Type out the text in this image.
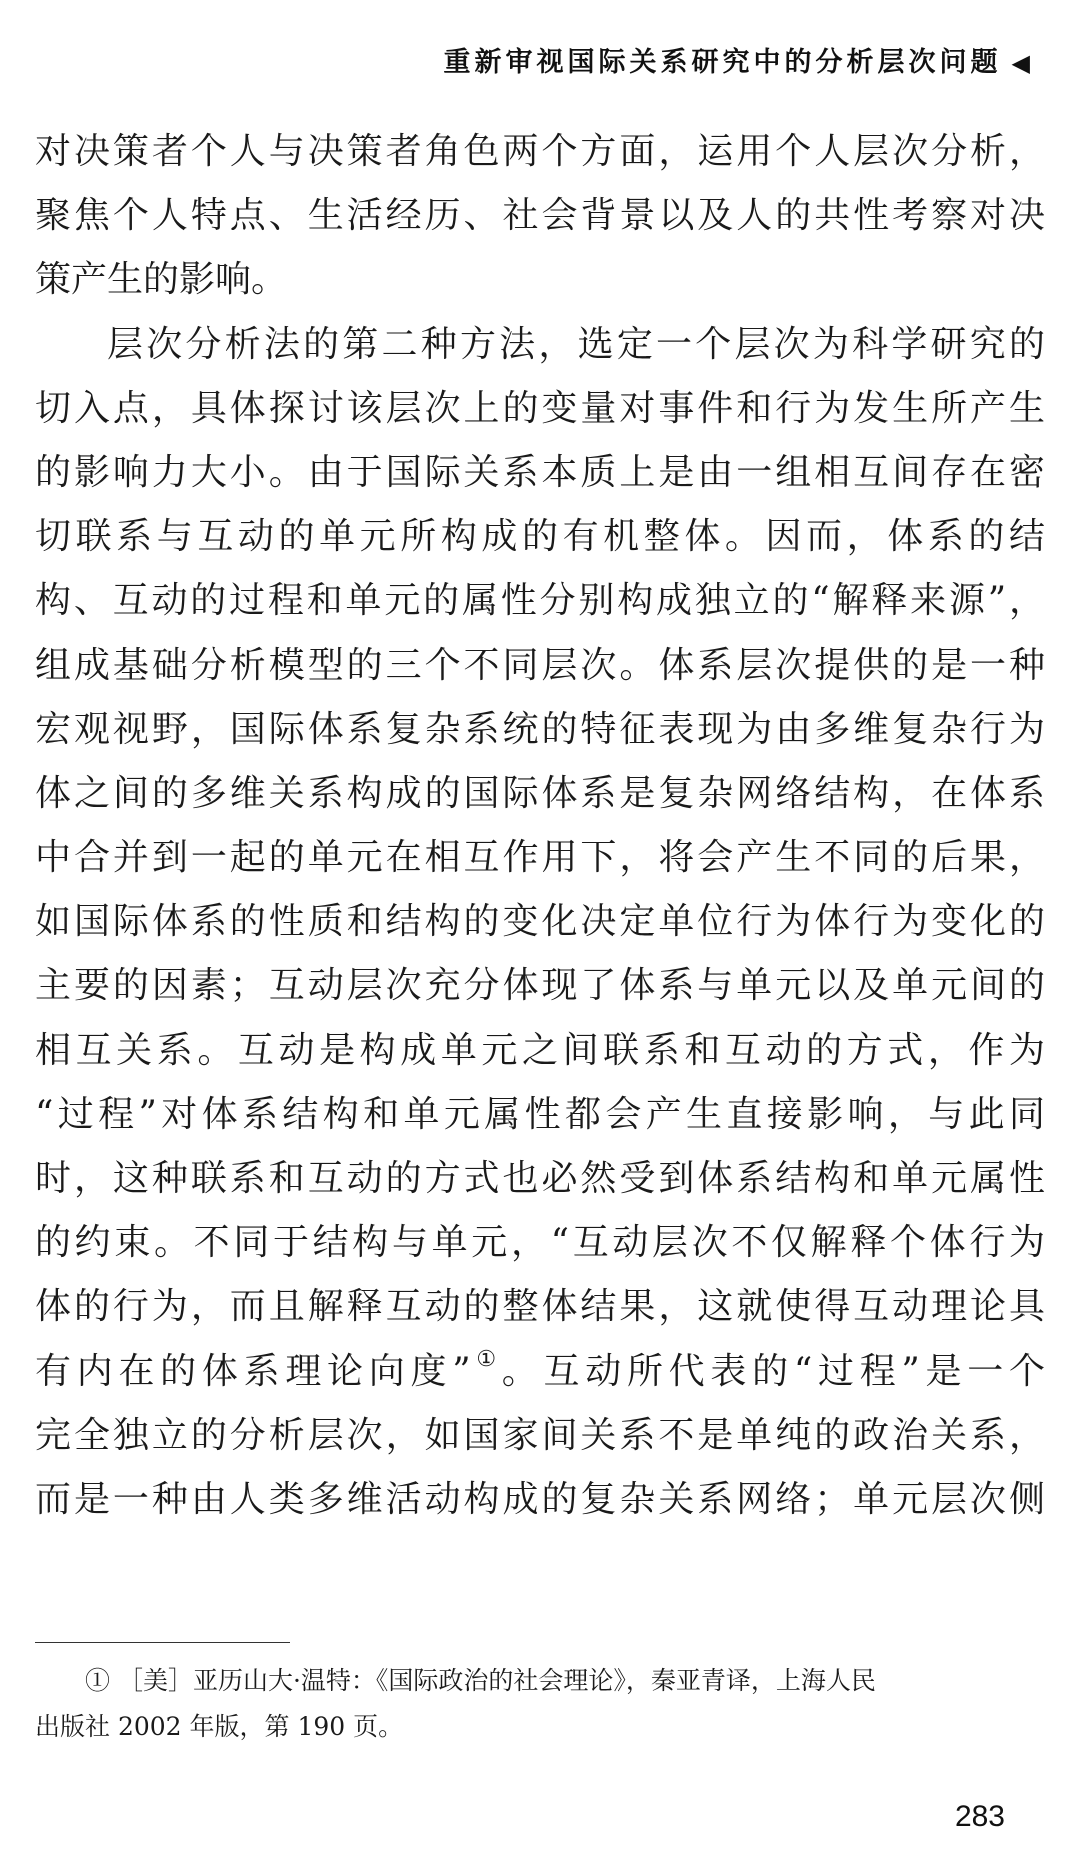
重新审视国际关系研究中的分析层次问题 ◀
对决策者个人与决策者角色两个方面，运用个人层次分析，
聚焦个人特点、生活经历、社会背景以及人的共性考察对决
策产生的影响。
层次分析法的第二种方法，选定一个层次为科学研究的
切入点，具体探讨该层次上的变量对事件和行为发生所产生
的影响力大小。由于国际关系本质上是由一组相互间存在密
切联系与互动的单元所构成的有机整体。因而，体系的结
构、互动的过程和单元的属性分别构成独立的“解释来源”，
组成基础分析模型的三个不同层次。体系层次提供的是一种
宏观视野，国际体系复杂系统的特征表现为由多维复杂行为
体之间的多维关系构成的国际体系是复杂网络结构，在体系
中合并到一起的单元在相互作用下，将会产生不同的后果，
如国际体系的性质和结构的变化决定单位行为体行为变化的
主要的因素；互动层次充分体现了体系与单元以及单元间的
相互关系。互动是构成单元之间联系和互动的方式，作为
“过程”对体系结构和单元属性都会产生直接影响，与此同
时，这种联系和互动的方式也必然受到体系结构和单元属性
的约束。不同于结构与单元，“互动层次不仅解释个体行为
体的行为，而且解释互动的整体结果，这就使得互动理论具
有内在的体系理论向度”①。互动所代表的“过程”是一个
完全独立的分析层次，如国家间关系不是单纯的政治关系，
而是一种由人类多维活动构成的复杂关系网络；单元层次侧
① ［美］亚历山大·温特：《国际政治的社会理论》，秦亚青译，上海人民
出版社 2002 年版，第 190 页。
283
